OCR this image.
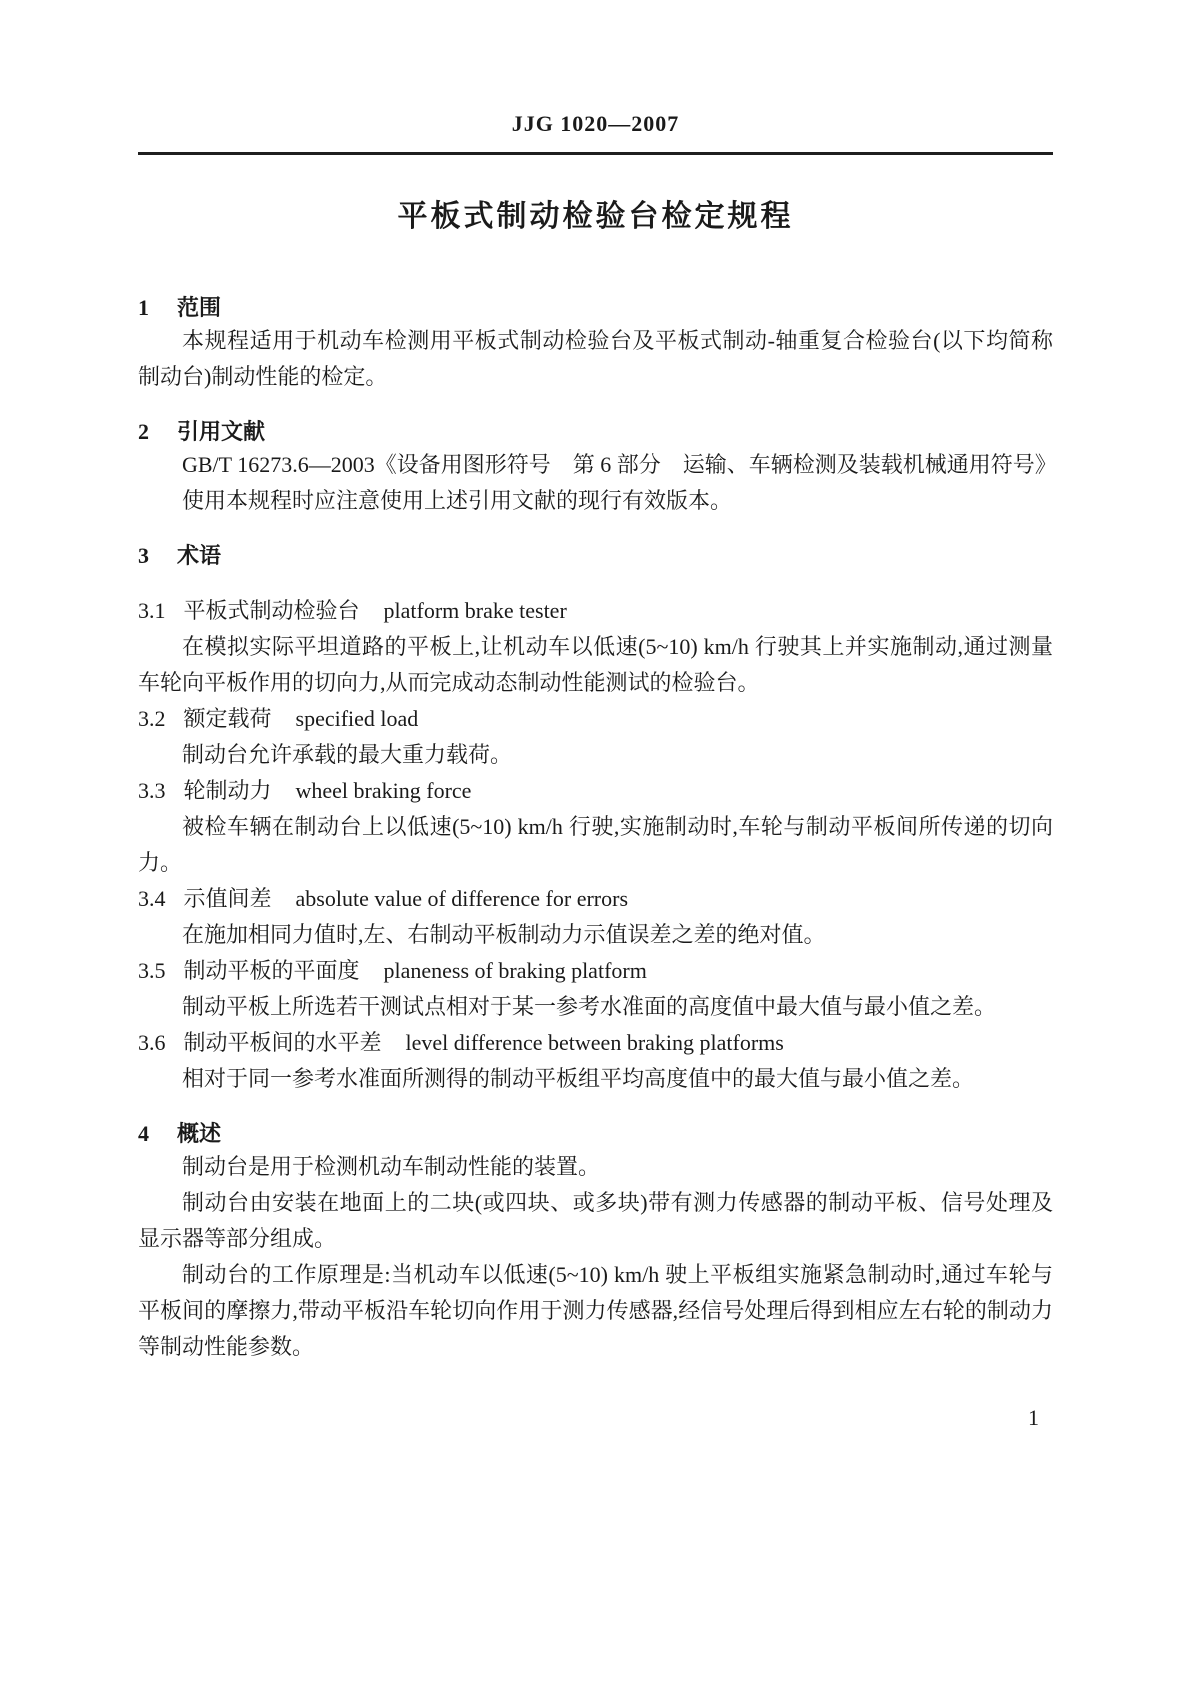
JJG 1020—2007
平板式制动检验台检定规程
1 范围

本规程适用于机动车检测用平板式制动检验台及平板式制动-轴重复合检验台(以下均简称制动台)制动性能的检定。

2 引用文献

GB/T 16273.6—2003《设备用图形符号　第 6 部分　运输、车辆检测及装载机械通用符号》

使用本规程时应注意使用上述引用文献的现行有效版本。

3 术语

3.1 平板式制动检验台 platform brake tester

在模拟实际平坦道路的平板上,让机动车以低速(5~10) km/h 行驶其上并实施制动,通过测量车轮向平板作用的切向力,从而完成动态制动性能测试的检验台。

3.2 额定载荷 specified load

制动台允许承载的最大重力载荷。

3.3 轮制动力 wheel braking force

被检车辆在制动台上以低速(5~10) km/h 行驶,实施制动时,车轮与制动平板间所传递的切向力。

3.4 示值间差 absolute value of difference for errors

在施加相同力值时,左、右制动平板制动力示值误差之差的绝对值。

3.5 制动平板的平面度 planeness of braking platform

制动平板上所选若干测试点相对于某一参考水准面的高度值中最大值与最小值之差。

3.6 制动平板间的水平差 level difference between braking platforms

相对于同一参考水准面所测得的制动平板组平均高度值中的最大值与最小值之差。

4 概述

制动台是用于检测机动车制动性能的装置。

制动台由安装在地面上的二块(或四块、或多块)带有测力传感器的制动平板、信号处理及显示器等部分组成。

制动台的工作原理是:当机动车以低速(5~10) km/h 驶上平板组实施紧急制动时,通过车轮与平板间的摩擦力,带动平板沿车轮切向作用于测力传感器,经信号处理后得到相应左右轮的制动力等制动性能参数。

1
